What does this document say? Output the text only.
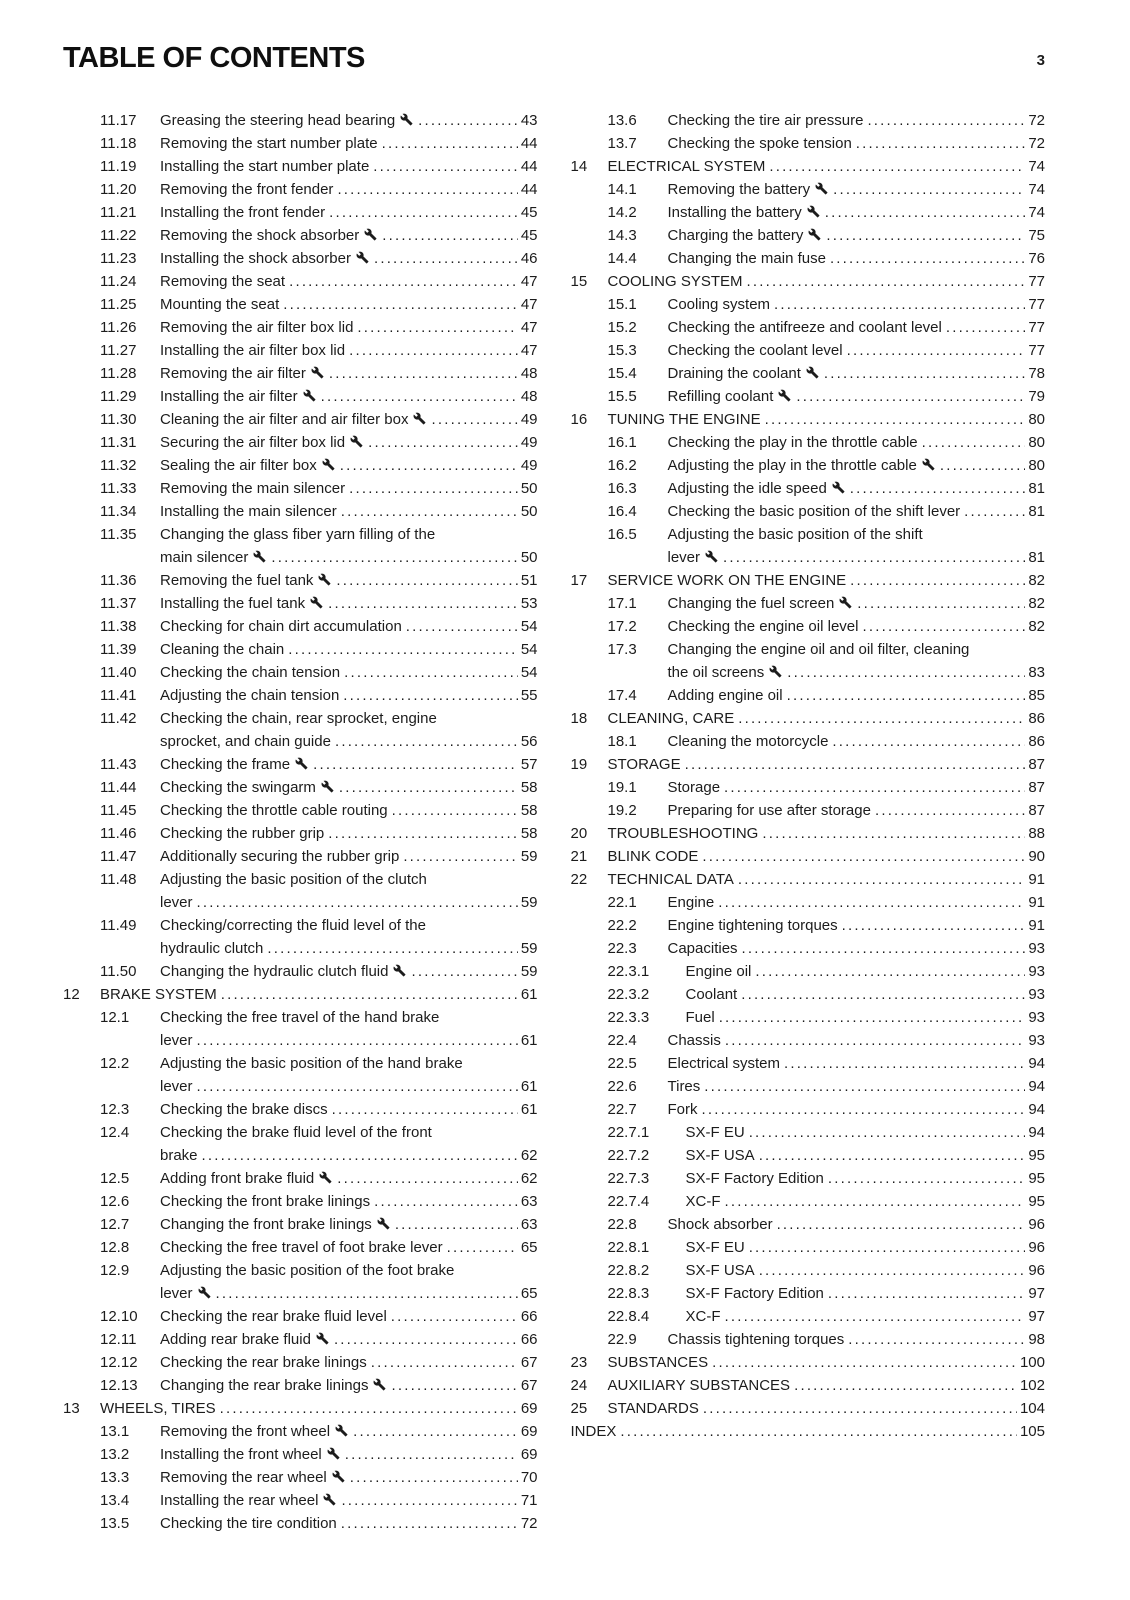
TABLE OF CONTENTS	3
11.17 Greasing the steering head bearing .....	43
11.18 Removing the start number plate .....	44
11.19 Installing the start number plate .....	44
11.20 Removing the front fender .....	44
11.21 Installing the front fender .....	45
11.22 Removing the shock absorber .....	45
11.23 Installing the shock absorber .....	46
11.24 Removing the seat .....	47
11.25 Mounting the seat .....	47
11.26 Removing the air filter box lid .....	47
11.27 Installing the air filter box lid .....	47
11.28 Removing the air filter .....	48
11.29 Installing the air filter .....	48
11.30 Cleaning the air filter and air filter box .....	49
11.31 Securing the air filter box lid .....	49
11.32 Sealing the air filter box .....	49
11.33 Removing the main silencer .....	50
11.34 Installing the main silencer .....	50
11.35 Changing the glass fiber yarn filling of the
main silencer .....	50
11.36 Removing the fuel tank .....	51
11.37 Installing the fuel tank .....	53
11.38 Checking for chain dirt accumulation .....	54
11.39 Cleaning the chain .....	54
11.40 Checking the chain tension .....	54
11.41 Adjusting the chain tension .....	55
11.42 Checking the chain, rear sprocket, engine
sprocket, and chain guide .....	56
11.43 Checking the frame .....	57
11.44 Checking the swingarm .....	58
11.45 Checking the throttle cable routing .....	58
11.46 Checking the rubber grip .....	58
11.47 Additionally securing the rubber grip .....	59
11.48 Adjusting the basic position of the clutch
lever .....	59
11.49 Checking/correcting the fluid level of the
hydraulic clutch .....	59
11.50 Changing the hydraulic clutch fluid .....	59
12 BRAKE SYSTEM .....	61
12.1 Checking the free travel of the hand brake
lever .....	61
12.2 Adjusting the basic position of the hand brake
lever .....	61
12.3 Checking the brake discs .....	61
12.4 Checking the brake fluid level of the front
brake .....	62
12.5 Adding front brake fluid .....	62
12.6 Checking the front brake linings .....	63
12.7 Changing the front brake linings .....	63
12.8 Checking the free travel of foot brake lever .....	65
12.9 Adjusting the basic position of the foot brake
lever .....	65
12.10 Checking the rear brake fluid level .....	66
12.11 Adding rear brake fluid .....	66
12.12 Checking the rear brake linings .....	67
12.13 Changing the rear brake linings .....	67
13 WHEELS, TIRES .....	69
13.1 Removing the front wheel .....	69
13.2 Installing the front wheel .....	69
13.3 Removing the rear wheel .....	70
13.4 Installing the rear wheel .....	71
13.5 Checking the tire condition .....	72
13.6 Checking the tire air pressure .....	72
13.7 Checking the spoke tension .....	72
14 ELECTRICAL SYSTEM .....	74
14.1 Removing the battery .....	74
14.2 Installing the battery .....	74
14.3 Charging the battery .....	75
14.4 Changing the main fuse .....	76
15 COOLING SYSTEM .....	77
15.1 Cooling system .....	77
15.2 Checking the antifreeze and coolant level .....	77
15.3 Checking the coolant level .....	77
15.4 Draining the coolant .....	78
15.5 Refilling coolant .....	79
16 TUNING THE ENGINE .....	80
16.1 Checking the play in the throttle cable .....	80
16.2 Adjusting the play in the throttle cable .....	80
16.3 Adjusting the idle speed .....	81
16.4 Checking the basic position of the shift lever .....	81
16.5 Adjusting the basic position of the shift
lever .....	81
17 SERVICE WORK ON THE ENGINE .....	82
17.1 Changing the fuel screen .....	82
17.2 Checking the engine oil level .....	82
17.3 Changing the engine oil and oil filter, cleaning
the oil screens .....	83
17.4 Adding engine oil .....	85
18 CLEANING, CARE .....	86
18.1 Cleaning the motorcycle .....	86
19 STORAGE .....	87
19.1 Storage .....	87
19.2 Preparing for use after storage .....	87
20 TROUBLESHOOTING .....	88
21 BLINK CODE .....	90
22 TECHNICAL DATA .....	91
22.1 Engine .....	91
22.2 Engine tightening torques .....	91
22.3 Capacities .....	93
22.3.1 Engine oil .....	93
22.3.2 Coolant .....	93
22.3.3 Fuel .....	93
22.4 Chassis .....	93
22.5 Electrical system .....	94
22.6 Tires .....	94
22.7 Fork .....	94
22.7.1 SX-F EU .....	94
22.7.2 SX-F USA .....	95
22.7.3 SX-F Factory Edition .....	95
22.7.4 XC-F .....	95
22.8 Shock absorber .....	96
22.8.1 SX-F EU .....	96
22.8.2 SX-F USA .....	96
22.8.3 SX-F Factory Edition .....	97
22.8.4 XC-F .....	97
22.9 Chassis tightening torques .....	98
23 SUBSTANCES .....	100
24 AUXILIARY SUBSTANCES .....	102
25 STANDARDS .....	104
INDEX .....	105
